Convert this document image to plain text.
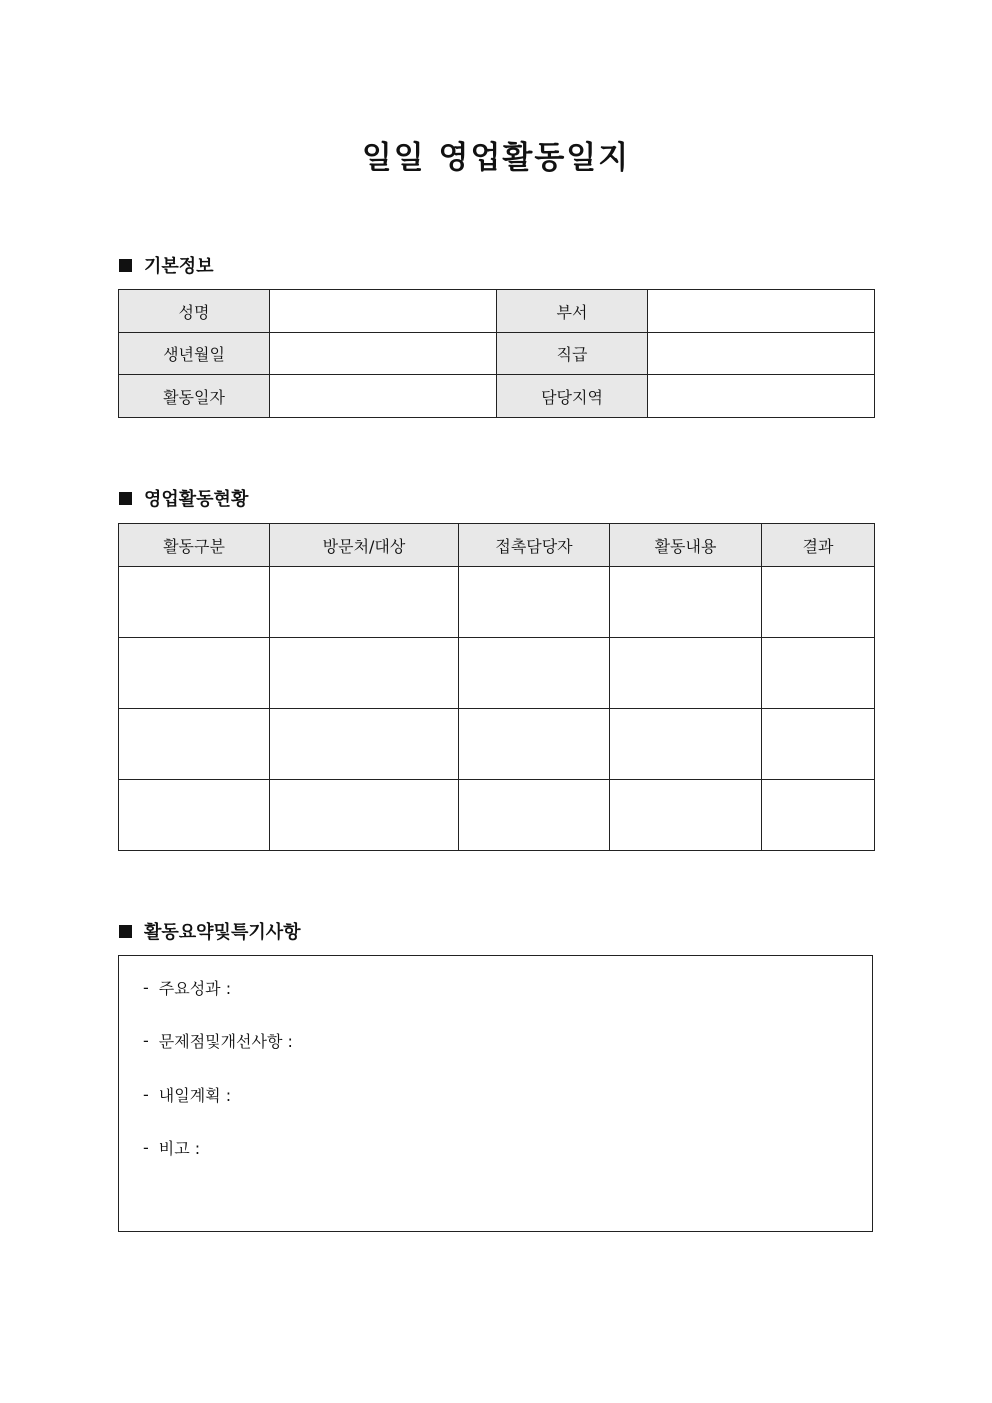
일일 영업활동일지
기본정보
성명		부서	
생년월일		직급	
활동일자		담당지역	
영업활동현황
활동구분	방문처/대상	접촉담당자	활동내용	결과

활동요약및특기사항
- 주요성과 :
- 문제점및개선사항 :
- 내일계획 :
- 비고 :
